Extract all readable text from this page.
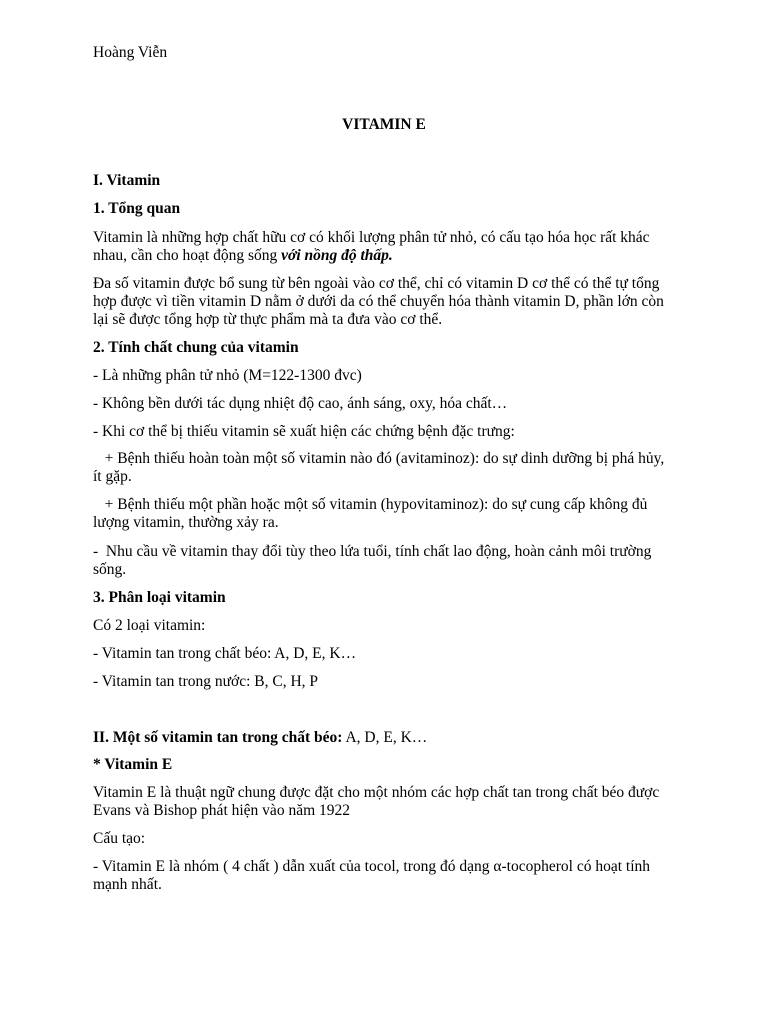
Hoàng Viễn
VITAMIN E
I. Vitamin
1. Tổng quan
Vitamin là những hợp chất hữu cơ có khối lượng phân tử nhỏ, có cấu tạo hóa học rất khác nhau, cần cho hoạt động sống với nồng độ thấp.
Đa số vitamin được bổ sung từ bên ngoài vào cơ thể, chỉ có vitamin D cơ thể có thể tự tổng hợp được vì tiền vitamin D nằm ở dưới da có thể chuyển hóa thành vitamin D, phần lớn còn lại sẽ được tổng hợp từ thực phẩm mà ta đưa vào cơ thể.
2. Tính chất chung của vitamin
- Là những phân tử nhỏ (M=122-1300 đvc)
- Không bền dưới tác dụng nhiệt độ cao, ánh sáng, oxy, hóa chất…
- Khi cơ thể bị thiếu vitamin sẽ xuất hiện các chứng bệnh đặc trưng:
+ Bệnh thiếu hoàn toàn một số vitamin nào đó (avitaminoz): do sự dinh dưỡng bị phá hủy, ít gặp.
+ Bệnh thiếu một phần hoặc một số vitamin (hypovitaminoz): do sự cung cấp không đủ lượng vitamin, thường xảy ra.
-  Nhu cầu về vitamin thay đổi tùy theo lứa tuổi, tính chất lao động, hoàn cảnh môi trường sống.
3. Phân loại vitamin
Có 2 loại vitamin:
- Vitamin tan trong chất béo: A, D, E, K…
- Vitamin tan trong nước: B, C, H, P
II. Một số vitamin tan trong chất béo: A, D, E, K…
* Vitamin E
Vitamin E là thuật ngữ chung được đặt cho một nhóm các hợp chất tan trong chất béo được Evans và Bishop phát hiện vào năm 1922
Cấu tạo:
- Vitamin E là nhóm ( 4 chất ) dẫn xuất của tocol, trong đó dạng α-tocopherol có hoạt tính mạnh nhất.
